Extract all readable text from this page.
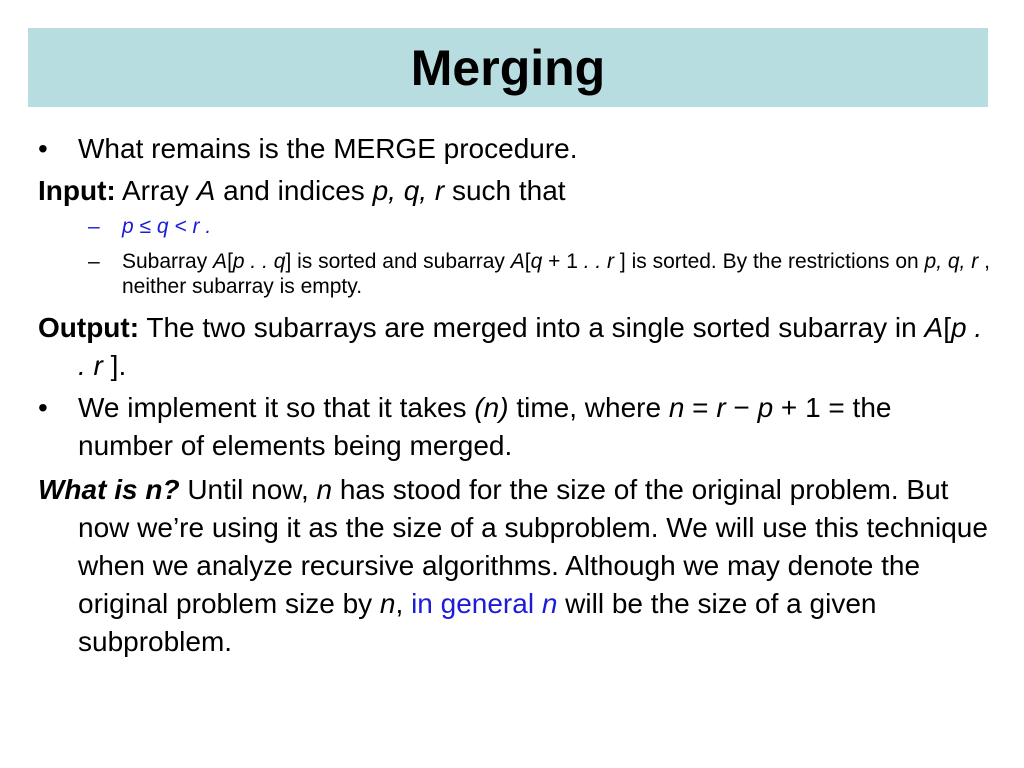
Merging
• What remains is the MERGE procedure.
Input: Array A and indices p, q, r such that
– p ≤ q < r .
– Subarray A[p . . q] is sorted and subarray A[q + 1 . . r ] is sorted. By the restrictions on p, q, r , neither subarray is empty.
Output: The two subarrays are merged into a single sorted subarray in A[p . . r ].
• We implement it so that it takes (n) time, where n = r − p + 1 = the number of elements being merged.
What is n? Until now, n has stood for the size of the original problem. But now we’re using it as the size of a subproblem. We will use this technique when we analyze recursive algorithms. Although we may denote the original problem size by n, in general n will be the size of a given subproblem.
